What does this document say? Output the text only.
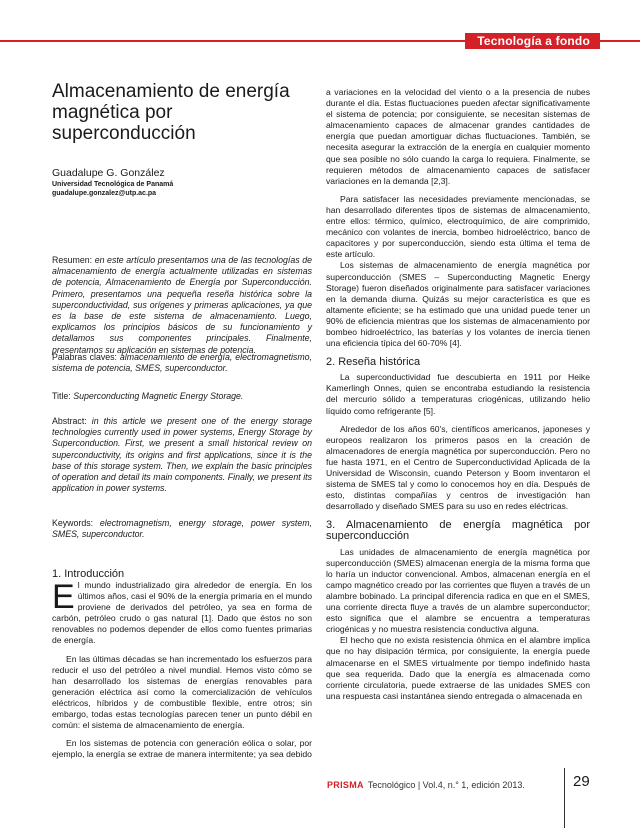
Tecnología a fondo
Almacenamiento de energía magnética por superconducción
Guadalupe G. González
Universidad Tecnológica de Panamá
guadalupe.gonzalez@utp.ac.pa
Resumen: en este artículo presentamos una de las tecnologías de almacenamiento de energía actualmente utilizadas en sistemas de potencia, Almacenamiento de Energía por Superconducción. Primero, presentamos una pequeña reseña histórica sobre la superconductividad, sus orígenes y primeras aplicaciones, ya que es la base de este sistema de almacenamiento. Luego, explicamos los principios básicos de su funcionamiento y detallamos sus componentes principales. Finalmente, presentamos su aplicación en sistemas de potencia.
Palabras claves: almacenamiento de energía, electromagnetismo, sistema de potencia, SMES, superconductor.
Title: Superconducting Magnetic Energy Storage.
Abstract: in this article we present one of the energy storage technologies currently used in power systems, Energy Storage by Superconduction. First, we present a small historical review on superconductivity, its origins and first applications, since it is the base of this storage system. Then, we explain the basic principles of operation and detail its main components. Finally, we present its application in power systems.
Keywords: electromagnetism, energy storage, power system, SMES, superconductor.
1. Introducción

El mundo industrializado gira alrededor de energía. En los últimos años, casi el 90% de la energía primaria en el mundo proviene de derivados del petróleo, ya sea en forma de carbón, petróleo crudo o gas natural [1]. Dado que éstos no son renovables no podemos depender de ellos como fuentes primarias de energía.

En las últimas décadas se han incrementado los esfuerzos para reducir el uso del petróleo a nivel mundial. Hemos visto cómo se han desarrollado los sistemas de energías renovables para generación eléctrica así como la comercialización de vehículos eléctricos, híbridos y de combustible flexible, entre otros; sin embargo, todas estas tecnologías parecen tener un punto débil en común: el sistema de almacenamiento de energía.

En los sistemas de potencia con generación eólica o solar, por ejemplo, la energía se extrae de manera intermitente; ya sea debido

a variaciones en la velocidad del viento o a la presencia de nubes durante el día. Estas fluctuaciones pueden afectar significativamente el sistema de potencia; por consiguiente, se necesitan sistemas de almacenamiento capaces de almacenar grandes cantidades de energía que puedan amortiguar dichas fluctuaciones. También, se necesita asegurar la extracción de la energía en cualquier momento que sea posible no sólo cuando la carga lo requiera. Finalmente, se requieren métodos de almacenamiento capaces de satisfacer variaciones en la demanda [2,3].

Para satisfacer las necesidades previamente mencionadas, se han desarrollado diferentes tipos de sistemas de almacenamiento, entre ellos: térmico, químico, electroquímico, de aire comprimido, mecánico con volantes de inercia, bombeo hidroeléctrico, banco de capacitores y por superconducción, siendo esta última el tema de este artículo.

Los sistemas de almacenamiento de energía magnética por superconducción (SMES – Superconducting Magnetic Energy Storage) fueron diseñados originalmente para satisfacer variaciones en la demanda diurna. Quizás su mejor característica es que es altamente eficiente; se ha estimado que una unidad puede tener un 90% de eficiencia mientras que los sistemas de almacenamiento por bombeo hidroeléctrico, las baterías y los volantes de inercia tienen una eficiencia típica del 60-70% [4].

2. Reseña histórica

La superconductividad fue descubierta en 1911 por Heike Kamerlingh Onnes, quien se encontraba estudiando la resistencia del mercurio sólido a temperaturas criogénicas, utilizando helio líquido como refrigerante [5].

Alrededor de los años 60's, científicos americanos, japoneses y europeos realizaron los primeros pasos en la creación de almacenadores de energía magnética por superconducción. Pero no fue hasta 1971, en el Centro de Superconductividad Aplicada de la Universidad de Wisconsin, cuando Peterson y Boom inventaron el sistema de SMES tal y como lo conocemos hoy en día. Después de esto, distintas compañías y centros de investigación han desarrollado y diseñado SMES para su uso en redes eléctricas.

3. Almacenamiento de energía magnética por superconducción

Las unidades de almacenamiento de energía magnética por superconducción (SMES) almacenan energía de la misma forma que lo haría un inductor convencional. Ambos, almacenan energía en el campo magnético creado por las corrientes que fluyen a través de un alambre bobinado. La principal diferencia radica en que en el SMES, una corriente directa fluye a través de un alambre superconductor; esto significa que el alambre se encuentra a temperaturas criogénicas y no muestra resistencia conductiva alguna.

El hecho que no exista resistencia óhmica en el alambre implica que no hay disipación térmica, por consiguiente, la energía puede almacenarse en el SMES virtualmente por tiempo indefinido hasta que sea requerida. Dado que la energía es almacenada como corriente circulatoria, puede extraerse de las unidades SMES con una respuesta casi instantánea siendo entregada o almacenada en

PRISMA Tecnológico | Vol.4, n.° 1, edición 2013.	29
